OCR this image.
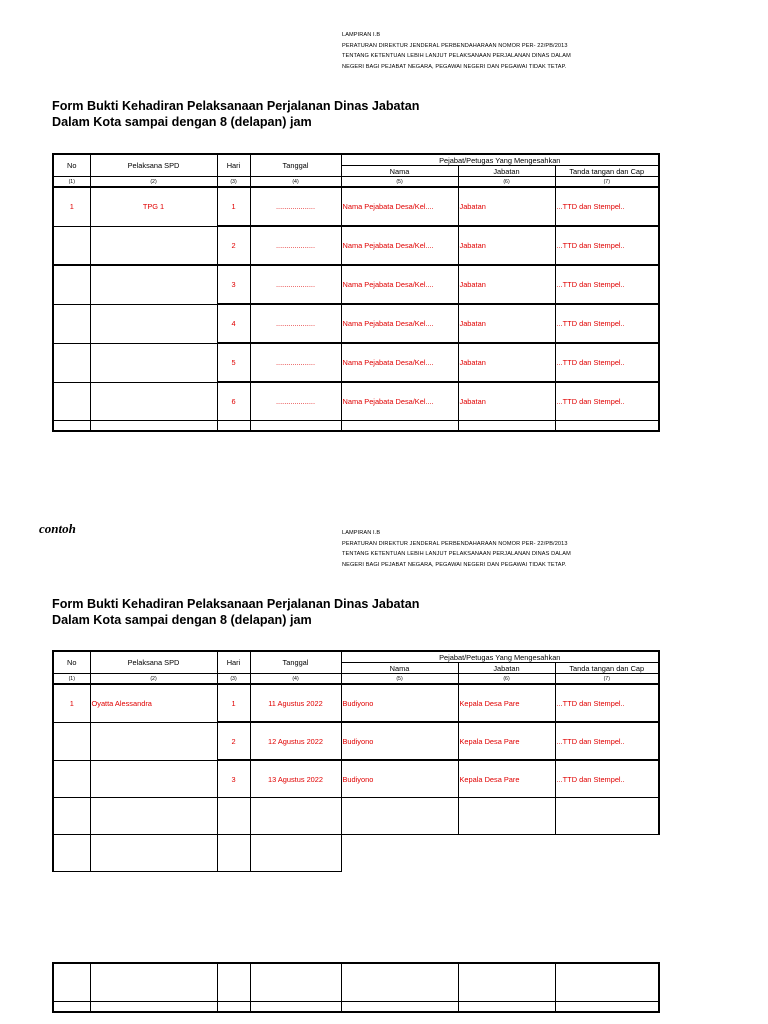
LAMPIRAN I.B
PERATURAN DIREKTUR JENDERAL PERBENDAHARAAN NOMOR PER- 22/PB/2013
TENTANG KETENTUAN LEBIH LANJUT PELAKSANAAN PERJALANAN DINAS DALAM
NEGERI BAGI PEJABAT NEGARA, PEGAWAI NEGERI DAN PEGAWAI TIDAK TETAP.
Form Bukti Kehadiran Pelaksanaan Perjalanan Dinas Jabatan
Dalam Kota sampai dengan 8 (delapan) jam
No	Pelaksana SPD	Hari	Tanggal	Pejabat/Petugas Yang Mengesahkan		
				Nama	Jabatan	Tanda tangan dan Cap
(1)	(2)	(3)	(4)	(5)	(6)	(7)
1	TPG 1	1	...................	Nama Pejabata Desa/Kel....	Jabatan	...TTD dan Stempel..
		2	...................	Nama Pejabata Desa/Kel....	Jabatan	...TTD dan Stempel..
		3	...................	Nama Pejabata Desa/Kel....	Jabatan	...TTD dan Stempel..
		4	...................	Nama Pejabata Desa/Kel....	Jabatan	...TTD dan Stempel..
		5	...................	Nama Pejabata Desa/Kel....	Jabatan	...TTD dan Stempel..
		6	...................	Nama Pejabata Desa/Kel....	Jabatan	...TTD dan Stempel..

contoh	LAMPIRAN I.B
PERATURAN DIREKTUR JENDERAL PERBENDAHARAAN NOMOR PER- 22/PB/2013
TENTANG KETENTUAN LEBIH LANJUT PELAKSANAAN PERJALANAN DINAS DALAM
NEGERI BAGI PEJABAT NEGARA, PEGAWAI NEGERI DAN PEGAWAI TIDAK TETAP.
Form Bukti Kehadiran Pelaksanaan Perjalanan Dinas Jabatan
Dalam Kota sampai dengan 8 (delapan) jam
No	Pelaksana SPD	Hari	Tanggal	Pejabat/Petugas Yang Mengesahkan		
				Nama	Jabatan	Tanda tangan dan Cap
(1)	(2)	(3)	(4)	(5)	(6)	(7)
1	Oyatta Alessandra	1	11 Agustus 2022	Budiyono	Kepala Desa Pare	...TTD dan Stempel..
		2	12 Agustus 2022	Budiyono	Kepala Desa Pare	...TTD dan Stempel..
		3	13 Agustus 2022	Budiyono	Kepala Desa Pare	...TTD dan Stempel..
